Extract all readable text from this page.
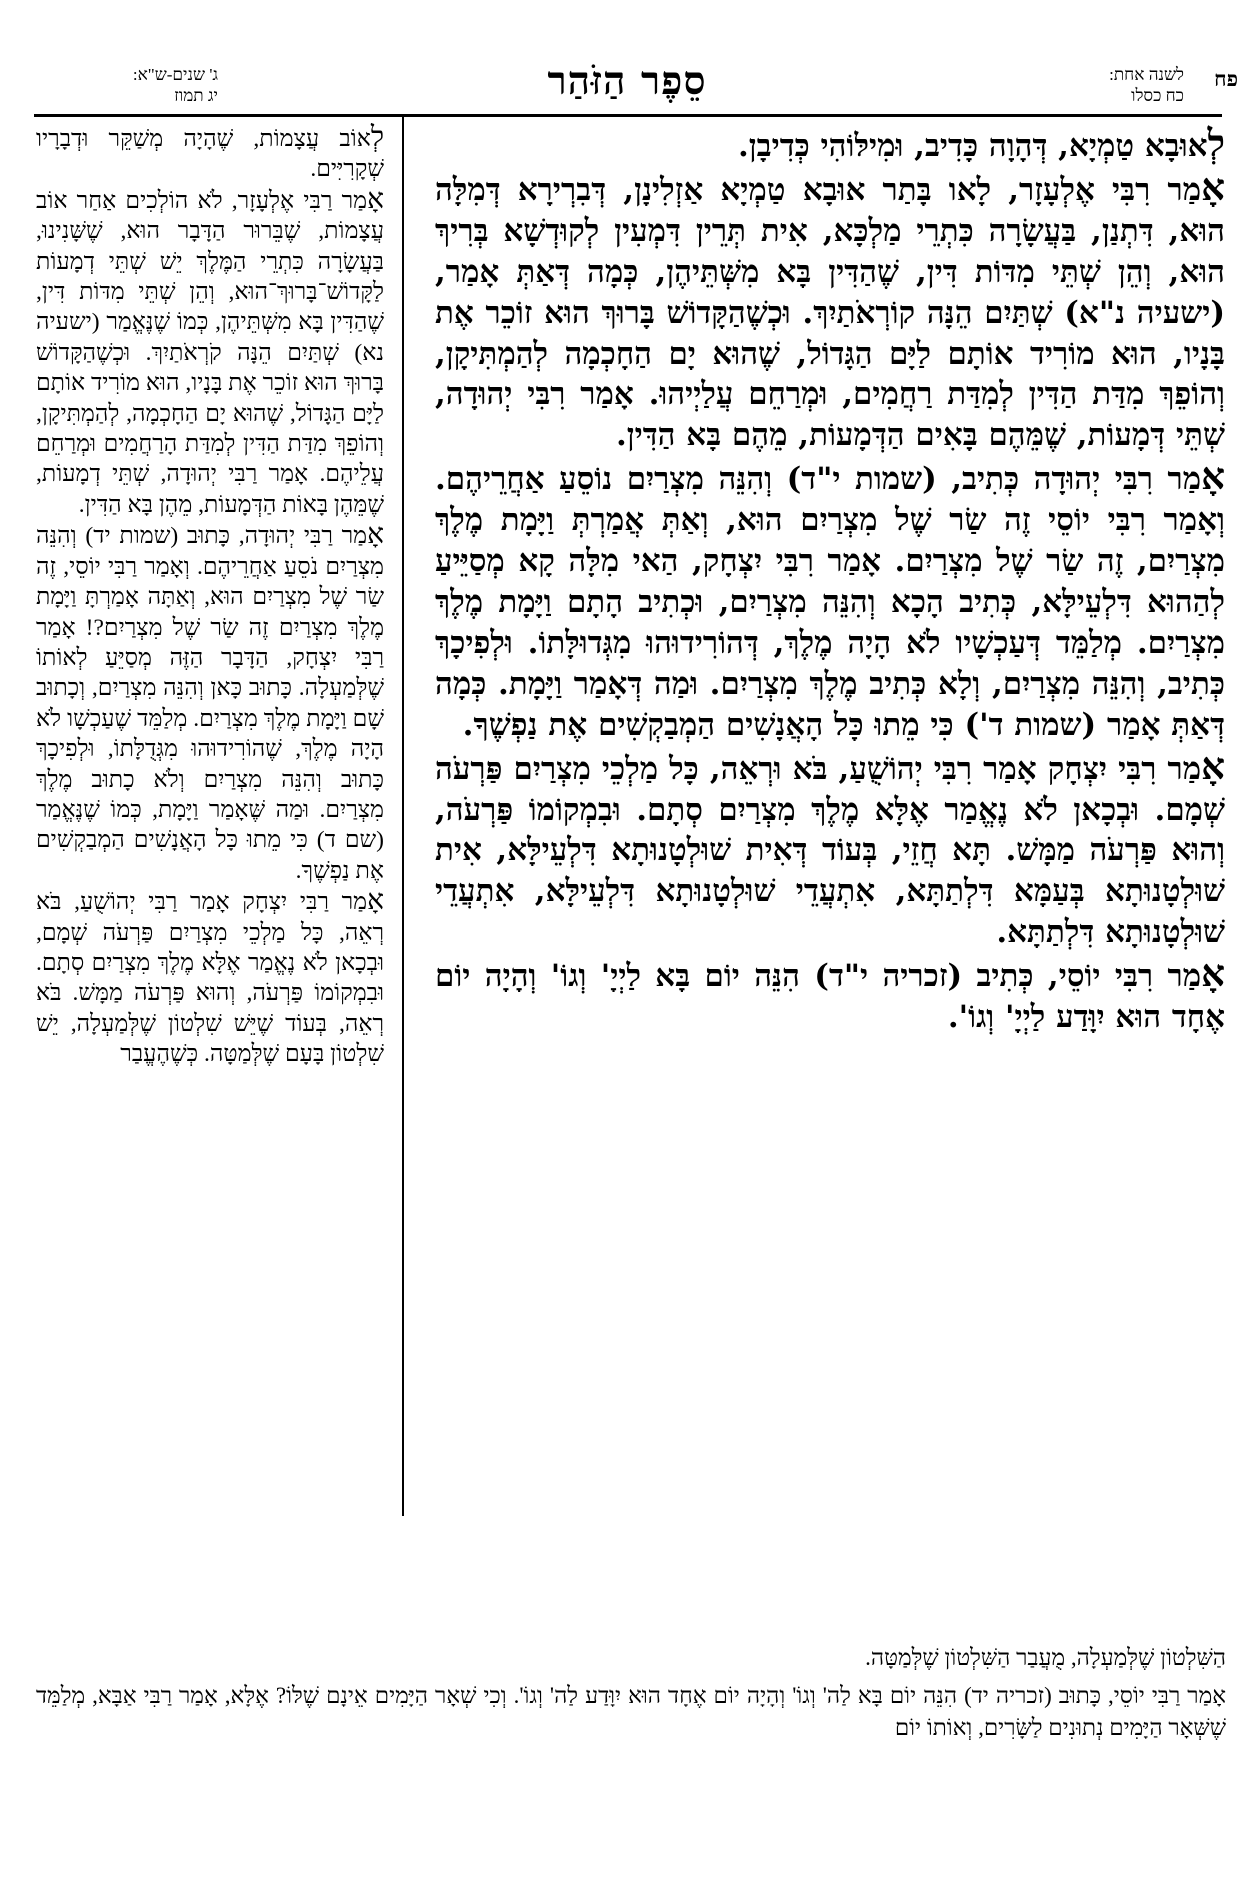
פח
לשנה אחת:
כח כסלו
סֵפֶר הַזֹּהַר
ג' שנים-ש"א:
יג תמוז

לְאוּבָא טַמְיָא, דְּהָוָה כָּדִיב, וּמִילּוֹהִי כְּדִיבָן.

אָמַר רִבִּי אֶלְעָזָר, לָאו בָּתַר אוּבָא טַמְיָא אַזְלִינָן, דְּבִרְירָא דְּמִלָּה הוּא, דִּתְנַן, בַּעֲשָׂרָה כִּתְרֵי מַלְכָּא, אִית תְּרֵין דִּמְעִין לְקוּדְשָׁא בְּרִיךְ הוּא, וְהֵן שְׁתֵּי מִדּוֹת דִּין, שֶׁהַדִּין בָּא מִשְּׁתֵּיהֶן, כְּמָה דְּאַתְּ אָמַר, (ישעיה נ"א) שְׁתַּיִם הֵנָּה קוֹרְאֹתַיִךְ. וּכְשֶׁהַקָּדוֹשׁ בָּרוּךְ הוּא זוֹכֵר אֶת בָּנָיו, הוּא מוֹרִיד אוֹתָם לַיָּם הַגָּדוֹל, שֶׁהוּא יָם הַחָכְמָה לְהַמְתִּיקָן, וְהוֹפֵךְ מִדַּת הַדִּין לְמִדַּת רַחֲמִים, וּמְרַחֵם עֲלַיְיהוּ. אָמַר רִבִּי יְהוּדָה, שְׁתֵּי דְּמָעוֹת, שֶׁמֵּהֶם בָּאִים הַדְּמָעוֹת, מֵהֶם בָּא הַדִּין.

אָמַר רִבִּי יְהוּדָה כְּתִיב, (שמות י"ד) וְהִנֵּה מִצְרַיִם נוֹסֵעַ אַחֲרֵיהֶם. וְאָמַר רִבִּי יוֹסֵי זֶה שַׂר שֶׁל מִצְרַיִם הוּא, וְאַתְּ אֲמַרְתְּ וַיָּמָת מֶלֶךְ מִצְרַיִם, זֶה שַׂר שֶׁל מִצְרַיִם. אָמַר רִבִּי יִצְחָק, הַאי מִלָּה קָא מְסַיֵּיעַ לְהַהוּא דִּלְעֵילָּא, כְּתִיב הָכָא וְהִנֵּה מִצְרַיִם, וּכְתִיב הָתָם וַיָּמָת מֶלֶךְ מִצְרַיִם. מְלַמֵּד דְּעַכְשָׁיו לֹא הָיָה מֶלֶךְ, דְּהוֹרִידוּהוּ מִגְּדוּלָּתוֹ. וּלְפִיכָךְ כְּתִיב, וְהִנֵּה מִצְרַיִם, וְלָא כְּתִיב מֶלֶךְ מִצְרַיִם. וּמַה דְּאָמַר וַיָּמָת. כְּמָה דְּאַתְּ אָמַר (שמות ד') כִּי מֵתוּ כָּל הָאֲנָשִׁים הַמְבַקְשִׁים אֶת נַפְשֶׁךָ.

אָמַר רִבִּי יִצְחָק אָמַר רִבִּי יְהוֹשֻׁעַ, בֹּא וּרְאֵה, כָּל מַלְכֵי מִצְרַיִם פַּרְעֹה שְׁמָם. וּבְכָאן לֹא נֶאֱמַר אֶלָּא מֶלֶךְ מִצְרַיִם סְתָם. וּבִמְקוֹמוֹ פַּרְעֹה, וְהוּא פַּרְעֹה מַמָּשׁ. תָּא חֲזֵי, בְּעוֹד דְּאִית שׁוּלְטָנוּתָא דִּלְעֵילָּא, אִית שׁוּלְטָנוּתָא בְּעַמָּא דִּלְתַתָּא, אִתְעֲדֵי שׁוּלְטָנוּתָא דִּלְעֵילָּא, אִתְעֲדֵי שׁוּלְטָנוּתָא דִּלְתַתָּא.

אָמַר רִבִּי יוֹסֵי, כְּתִיב (זכריה י"ד) הִנֵּה יוֹם בָּא לַיְיָ' וְגוֹ' וְהָיָה יוֹם אֶחָד הוּא יִוָּדַע לַיְיָ' וְגוֹ'.

לְאוֹב עֲצָמוֹת, שֶׁהָיָה מְשַׁקֵּר וּדְבָרָיו שְׁקָרִיִּים.

אָמַר רַבִּי אֶלְעָזָר, לֹא הוֹלְכִים אַחַר אוֹב עֲצָמוֹת, שֶׁבֵּרוּר הַדָּבָר הוּא, שֶׁשָּׁנִינוּ, בַּעֲשָׂרָה כִּתְרֵי הַמֶּלֶךְ יֵשׁ שְׁתֵּי דְמָעוֹת לַקָּדוֹשׁ־בָּרוּךְ־הוּא, וְהֵן שְׁתֵּי מִדּוֹת דִּין, שֶׁהַדִּין בָּא מִשְּׁתֵּיהֶן, כְּמוֹ שֶׁנֶּאֱמַר (ישעיה נא) שְׁתַּיִם הֵנָּה קֹרְאֹתַיִךְ. וּכְשֶׁהַקָּדוֹשׁ בָּרוּךְ הוּא זוֹכֵר אֶת בָּנָיו, הוּא מוֹרִיד אוֹתָם לַיָּם הַגָּדוֹל, שֶׁהוּא יָם הַחָכְמָה, לְהַמְתִּיקָן, וְהוֹפֵךְ מִדַּת הַדִּין לְמִדַּת הָרַחֲמִים וּמְרַחֵם עֲלֵיהֶם. אָמַר רַבִּי יְהוּדָה, שְׁתֵּי דְמָעוֹת, שֶׁמֵּהֶן בָּאוֹת הַדְּמָעוֹת, מֵהֶן בָּא הַדִּין.

אָמַר רַבִּי יְהוּדָה, כָּתוּב (שמות יד) וְהִנֵּה מִצְרַיִם נֹסֵעַ אַחֲרֵיהֶם. וְאָמַר רַבִּי יוֹסֵי, זֶה שַׂר שֶׁל מִצְרַיִם הוּא, וְאַתָּה אָמַרְתָּ וַיָּמָת מֶלֶךְ מִצְרַיִם זֶה שַׂר שֶׁל מִצְרַיִם?! אָמַר רַבִּי יִצְחָק, הַדָּבָר הַזֶּה מְסַיֵּעַ לְאוֹתוֹ שֶׁלְּמַעְלָה. כָּתוּב כָּאן וְהִנֵּה מִצְרַיִם, וְכָתוּב שָׁם וַיָּמָת מֶלֶךְ מִצְרַיִם. מְלַמֵּד שֶׁעַכְשָׁו לֹא הָיָה מֶלֶךְ, שֶׁהוֹרִידוּהוּ מִגְּדֻלָּתוֹ, וּלְפִיכָךְ כָּתוּב וְהִנֵּה מִצְרַיִם וְלֹא כָתוּב מֶלֶךְ מִצְרַיִם. וּמַה שֶּׁאָמַר וַיָּמָת, כְּמוֹ שֶׁנֶּאֱמַר (שם ד) כִּי מֵתוּ כָּל הָאֲנָשִׁים הַמְבַקְשִׁים אֶת נַפְשֶׁךָ.

אָמַר רַבִּי יִצְחָק אָמַר רַבִּי יְהוֹשֻׁעַ, בֹּא רְאֵה, כָּל מַלְכֵי מִצְרַיִם פַּרְעֹה שְׁמָם, וּבְכָאן לֹא נֶאֱמַר אֶלָּא מֶלֶךְ מִצְרַיִם סְתָם. וּבִמְקוֹמוֹ פַּרְעֹה, וְהוּא פַּרְעֹה מַמָּשׁ. בֹּא רְאֵה, בְּעוֹד שֶׁיֵּשׁ שִׁלְטוֹן שֶׁלְּמַעְלָה, יֵשׁ שִׁלְטוֹן בָּעָם שֶׁלְּמַטָּה. כְּשֶׁהֶעֱבַר

הַשִּׁלְטוֹן שֶׁלְּמַעְלָה, מֻעֲבַר הַשִּׁלְטוֹן שֶׁלְּמַטָּה.
אָמַר רַבִּי יוֹסֵי, כָּתוּב (זכריה יד) הִנֵּה יוֹם בָּא לַה' וְגוֹ' וְהָיָה יוֹם אֶחָד הוּא יִוָּדַע לַה' וְגוֹ'. וְכִי שְׁאָר הַיָּמִים אֵינָם שֶׁלּוֹ? אֶלָּא, אָמַר רַבִּי אַבָּא, מְלַמֵּד שֶׁשְּׁאָר הַיָּמִים נְתוּנִים לַשָּׂרִים, וְאוֹתוֹ יוֹם
